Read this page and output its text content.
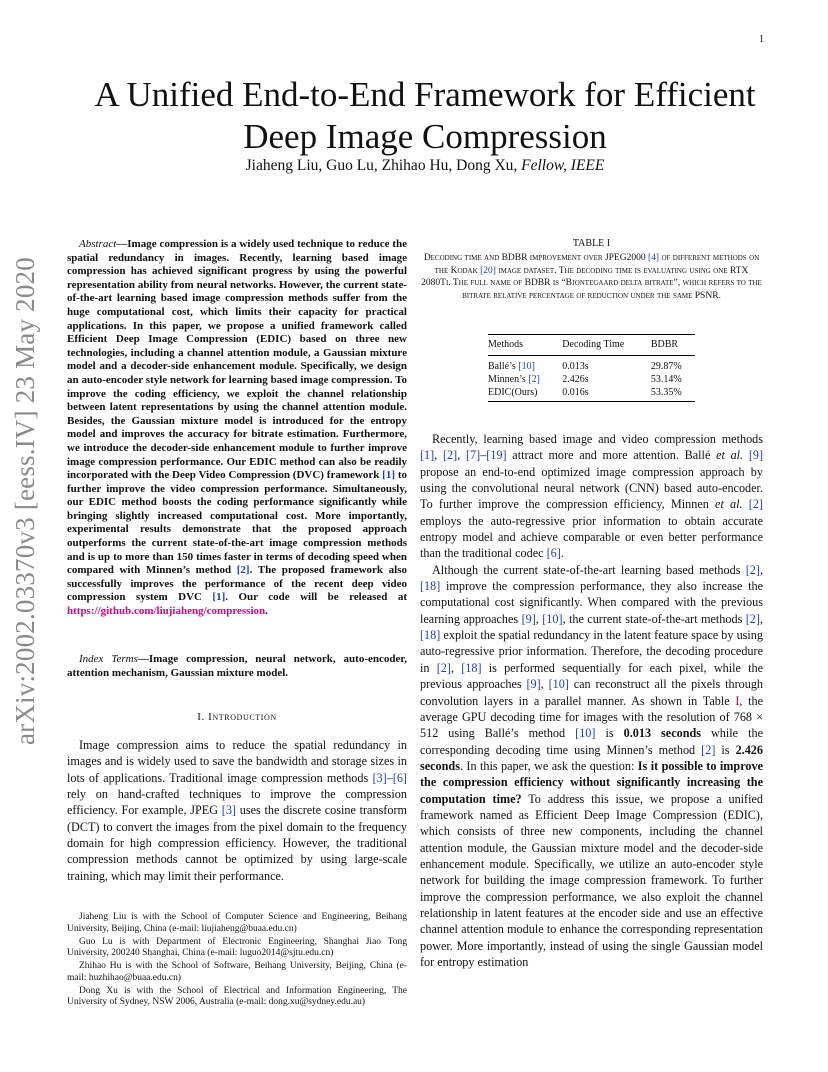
1
arXiv:2002.03370v3 [eess.IV] 23 May 2020
A Unified End-to-End Framework for Efficient
Deep Image Compression
Jiaheng Liu, Guo Lu, Zhihao Hu, Dong Xu, Fellow, IEEE
Abstract—Image compression is a widely used technique to reduce the spatial redundancy in images. Recently, learning based image compression has achieved significant progress by using the powerful representation ability from neural networks. However, the current state-of-the-art learning based image compression methods suffer from the huge computational cost, which limits their capacity for practical applications. In this paper, we propose a unified framework called Efficient Deep Image Compression (EDIC) based on three new technologies, including a channel attention module, a Gaussian mixture model and a decoder-side enhancement module. Specifically, we design an auto-encoder style network for learning based image compression. To improve the coding efficiency, we exploit the channel relationship between latent representations by using the channel attention module. Besides, the Gaussian mixture model is introduced for the entropy model and improves the accuracy for bitrate estimation. Furthermore, we introduce the decoder-side enhancement module to further improve image compression performance. Our EDIC method can also be readily incorporated with the Deep Video Compression (DVC) framework [1] to further improve the video compression performance. Simultaneously, our EDIC method boosts the coding performance significantly while bringing slightly increased computational cost. More importantly, experimental results demonstrate that the proposed approach outperforms the current state-of-the-art image compression methods and is up to more than 150 times faster in terms of decoding speed when compared with Minnen’s method [2]. The proposed framework also successfully improves the performance of the recent deep video compression system DVC [1]. Our code will be released at https://github.com/liujiaheng/compression.
Index Terms—Image compression, neural network, auto-encoder, attention mechanism, Gaussian mixture model.
I. Introduction

Image compression aims to reduce the spatial redundancy in images and is widely used to save the bandwidth and storage sizes in lots of applications. Traditional image compression methods [3]–[6] rely on hand-crafted techniques to improve the compression efficiency. For example, JPEG [3] uses the discrete cosine transform (DCT) to convert the images from the pixel domain to the frequency domain for high compression efficiency. However, the traditional compression methods cannot be optimized by using large-scale training, which may limit their performance.

Jiaheng Liu is with the School of Computer Science and Engineering, Beihang University, Beijing, China (e-mail: liujiaheng@buaa.edu.cn)

Guo Lu is with Department of Electronic Engineering, Shanghai Jiao Tong University, 200240 Shanghai, China (e-mail: luguo2014@sjtu.edu.cn)

Zhihao Hu is with the School of Software, Beihang University, Beijing, China (e-mail: huzhihao@buaa.edu.cn)

Dong Xu is with the School of Electrical and Information Engineering, The University of Sydney, NSW 2006, Australia (e-mail: dong.xu@sydney.edu.au)

TABLE I
Decoding time and BDBR improvement over JPEG2000 [4] of different methods on the Kodak [20] image dataset. The decoding time is evaluating using one RTX 2080Ti. The full name of BDBR is “Bjontegaard delta bitrate”, which refers to the bitrate relative percentage of reduction under the same PSNR.
Methods	Decoding Time	BDBR
Ballé’s [10]	0.013s	29.87%
Minnen’s [2]	2.426s	53.14%
EDIC(Ours)	0.016s	53.35%

Recently, learning based image and video compression methods [1], [2], [7]–[19] attract more and more attention. Ballé et al. [9] propose an end-to-end optimized image compression approach by using the convolutional neural network (CNN) based auto-encoder. To further improve the compression efficiency, Minnen et al. [2] employs the auto-regressive prior information to obtain accurate entropy model and achieve comparable or even better performance than the traditional codec [6].

Although the current state-of-the-art learning based methods [2], [18] improve the compression performance, they also increase the computational cost significantly. When compared with the previous learning approaches [9], [10], the current state-of-the-art methods [2], [18] exploit the spatial redundancy in the latent feature space by using auto-regressive prior information. Therefore, the decoding procedure in [2], [18] is performed sequentially for each pixel, while the previous approaches [9], [10] can reconstruct all the pixels through convolution layers in a parallel manner. As shown in Table I, the average GPU decoding time for images with the resolution of 768 × 512 using Ballé’s method [10] is 0.013 seconds while the corresponding decoding time using Minnen’s method [2] is 2.426 seconds. In this paper, we ask the question: Is it possible to improve the compression efficiency without significantly increasing the computation time? To address this issue, we propose a unified framework named as Efficient Deep Image Compression (EDIC), which consists of three new components, including the channel attention module, the Gaussian mixture model and the decoder-side enhancement module. Specifically, we utilize an auto-encoder style network for building the image compression framework. To further improve the compression performance, we also exploit the channel relationship in latent features at the encoder side and use an effective channel attention module to enhance the corresponding representation power. More importantly, instead of using the single Gaussian model for entropy estimation
